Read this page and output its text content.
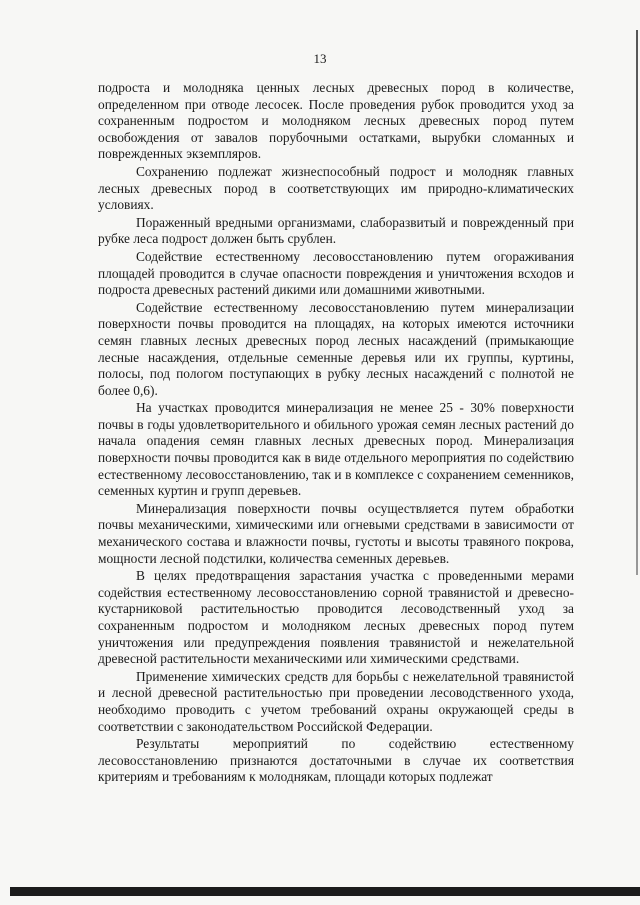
13

подроста и молодняка ценных лесных древесных пород в количестве, определенном при отводе лесосек. После проведения рубок проводится уход за сохраненным подростом и молодняком лесных древесных пород путем освобождения от завалов порубочными остатками, вырубки сломанных и поврежденных экземпляров.

Сохранению подлежат жизнеспособный подрост и молодняк главных лесных древесных пород в соответствующих им природно-климатических условиях.

Пораженный вредными организмами, слаборазвитый и поврежденный при рубке леса подрост должен быть срублен.

Содействие естественному лесовосстановлению путем огораживания площадей проводится в случае опасности повреждения и уничтожения всходов и подроста древесных растений дикими или домашними животными.

Содействие естественному лесовосстановлению путем минерализации поверхности почвы проводится на площадях, на которых имеются источники семян главных лесных древесных пород лесных насаждений (примыкающие лесные насаждения, отдельные семенные деревья или их группы, куртины, полосы, под пологом поступающих в рубку лесных насаждений с полнотой не более 0,6).

На участках проводится минерализация не менее 25 - 30% поверхности почвы в годы удовлетворительного и обильного урожая семян лесных растений до начала опадения семян главных лесных древесных пород. Минерализация поверхности почвы проводится как в виде отдельного мероприятия по содействию естественному лесовосстановлению, так и в комплексе с сохранением семенников, семенных куртин и групп деревьев.

Минерализация поверхности почвы осуществляется путем обработки почвы механическими, химическими или огневыми средствами в зависимости от механического состава и влажности почвы, густоты и высоты травяного покрова, мощности лесной подстилки, количества семенных деревьев.

В целях предотвращения зарастания участка с проведенными мерами содействия естественному лесовосстановлению сорной травянистой и древесно-кустарниковой растительностью проводится лесоводственный уход за сохраненным подростом и молодняком лесных древесных пород путем уничтожения или предупреждения появления травянистой и нежелательной древесной растительности механическими или химическими средствами.

Применение химических средств для борьбы с нежелательной травянистой и лесной древесной растительностью при проведении лесоводственного ухода, необходимо проводить с учетом требований охраны окружающей среды в соответствии с законодательством Российской Федерации.

Результаты мероприятий по содействию естественному лесовосстановлению признаются достаточными в случае их соответствия критериям и требованиям к молоднякам, площади которых подлежат
